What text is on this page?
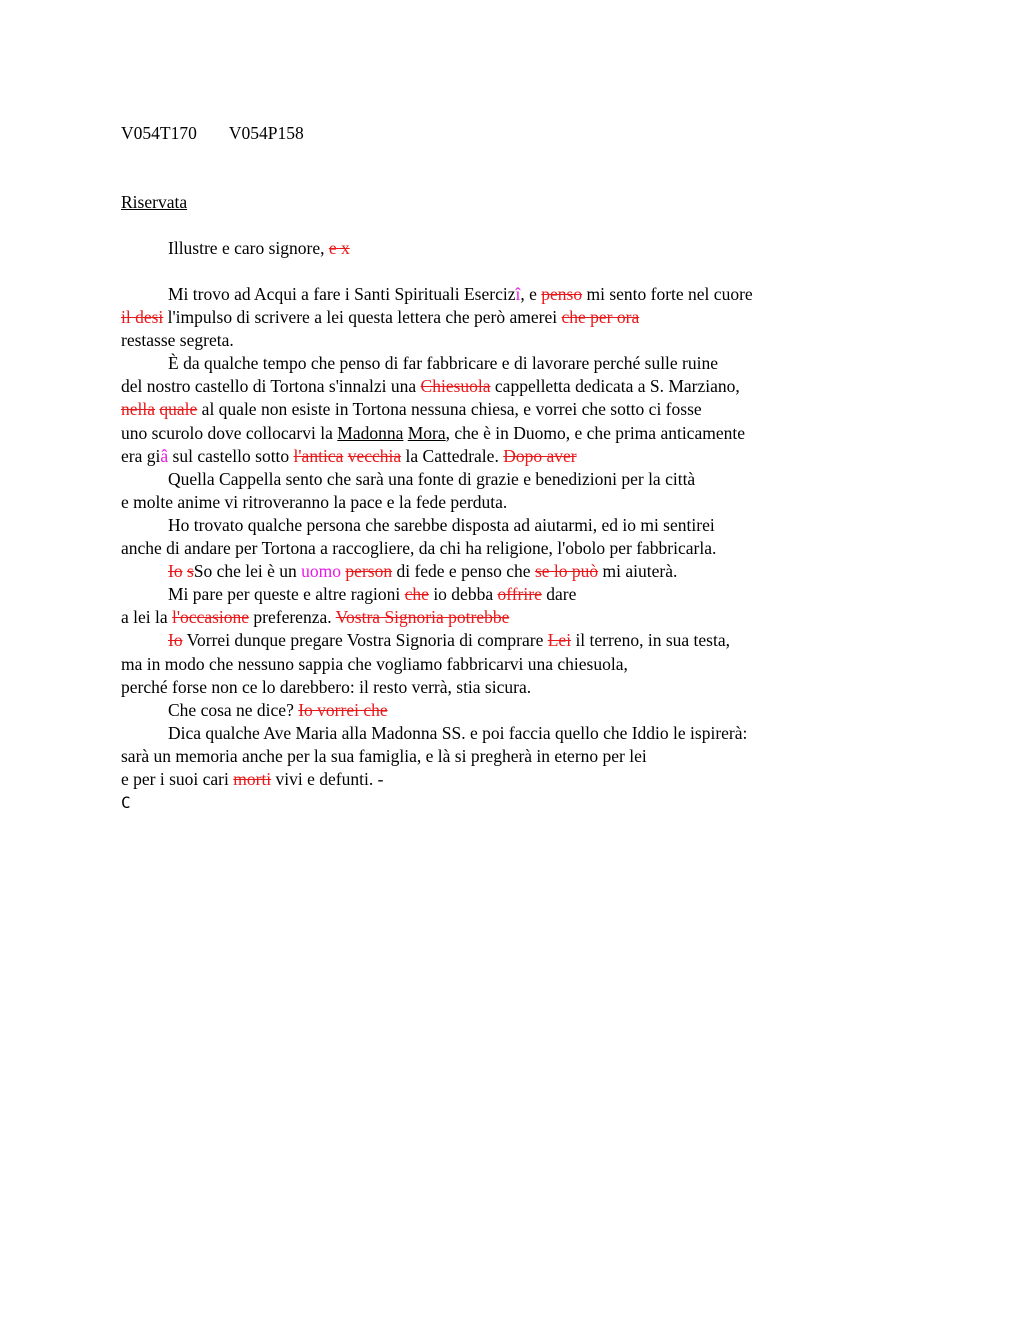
V054T170 V054P158
Riservata
Illustre e caro signore, e x
Mi trovo ad Acqui a fare i Santi Spirituali Esercizî, e penso mi sento forte nel cuore
il desi l'impulso di scrivere a lei questa lettera che però amerei che per ora
restasse segreta.
È da qualche tempo che penso di far fabbricare e di lavorare perché sulle ruine
del nostro castello di Tortona s'innalzi una Chiesuola cappelletta dedicata a S. Marziano,
nella quale al quale non esiste in Tortona nessuna chiesa, e vorrei che sotto ci fosse
uno scurolo dove collocarvi la Madonna Mora, che è in Duomo, e che prima anticamente
era giâ sul castello sotto l'antica vecchia la Cattedrale. Dopo aver
Quella Cappella sento che sarà una fonte di grazie e benedizioni per la città
e molte anime vi ritroveranno la pace e la fede perduta.
Ho trovato qualche persona che sarebbe disposta ad aiutarmi, ed io mi sentirei
anche di andare per Tortona a raccogliere, da chi ha religione, l'obolo per fabbricarla.
Io sSo che lei è un uomo person di fede e penso che se lo può mi aiuterà.
Mi pare per queste e altre ragioni che io debba offrire dare
a lei la l'occasione preferenza. Vostra Signoria potrebbe
Io Vorrei dunque pregare Vostra Signoria di comprare Lei il terreno, in sua testa,
ma in modo che nessuno sappia che vogliamo fabbricarvi una chiesuola,
perché forse non ce lo darebbero: il resto verrà, stia sicura.
Che cosa ne dice? Io vorrei che
Dica qualche Ave Maria alla Madonna SS. e poi faccia quello che Iddio le ispirerà:
sarà un memoria anche per la sua famiglia, e là si pregherà in eterno per lei
e per i suoi cari morti vivi e defunti. -
C
